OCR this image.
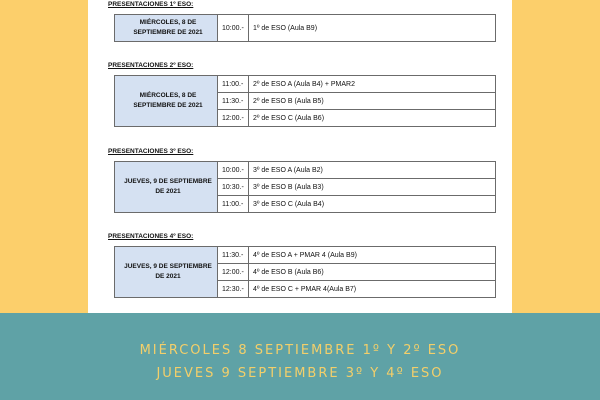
PRESENTACIONES 1º ESO:
MIÉRCOLES, 8 DE SEPTIEMBRE DE 2021	10:00.-	1º de ESO (Aula B9)
PRESENTACIONES 2º ESO:
MIÉRCOLES, 8 DE SEPTIEMBRE DE 2021	11:00.-	2º de ESO A (Aula B4) + PMAR2
	11:30.-	2º de ESO B (Aula B5)
	12:00.-	2º de ESO C (Aula B6)
PRESENTACIONES 3º ESO:
JUEVES, 9 DE SEPTIEMBRE DE 2021	10:00.-	3º de ESO A (Aula B2)
	10:30.-	3º de ESO B (Aula B3)
	11:00.-	3º de ESO C (Aula B4)
PRESENTACIONES 4º ESO:
JUEVES, 9 DE SEPTIEMBRE DE 2021	11:30.-	4º de ESO A + PMAR 4 (Aula B9)
	12:00.-	4º de ESO B (Aula B6)
	12:30.-	4º de ESO C + PMAR 4(Aula B7)
MIÉRCOLES 8 SEPTIEMBRE 1º Y 2º ESO
JUEVES 9 SEPTIEMBRE 3º Y 4º ESO
